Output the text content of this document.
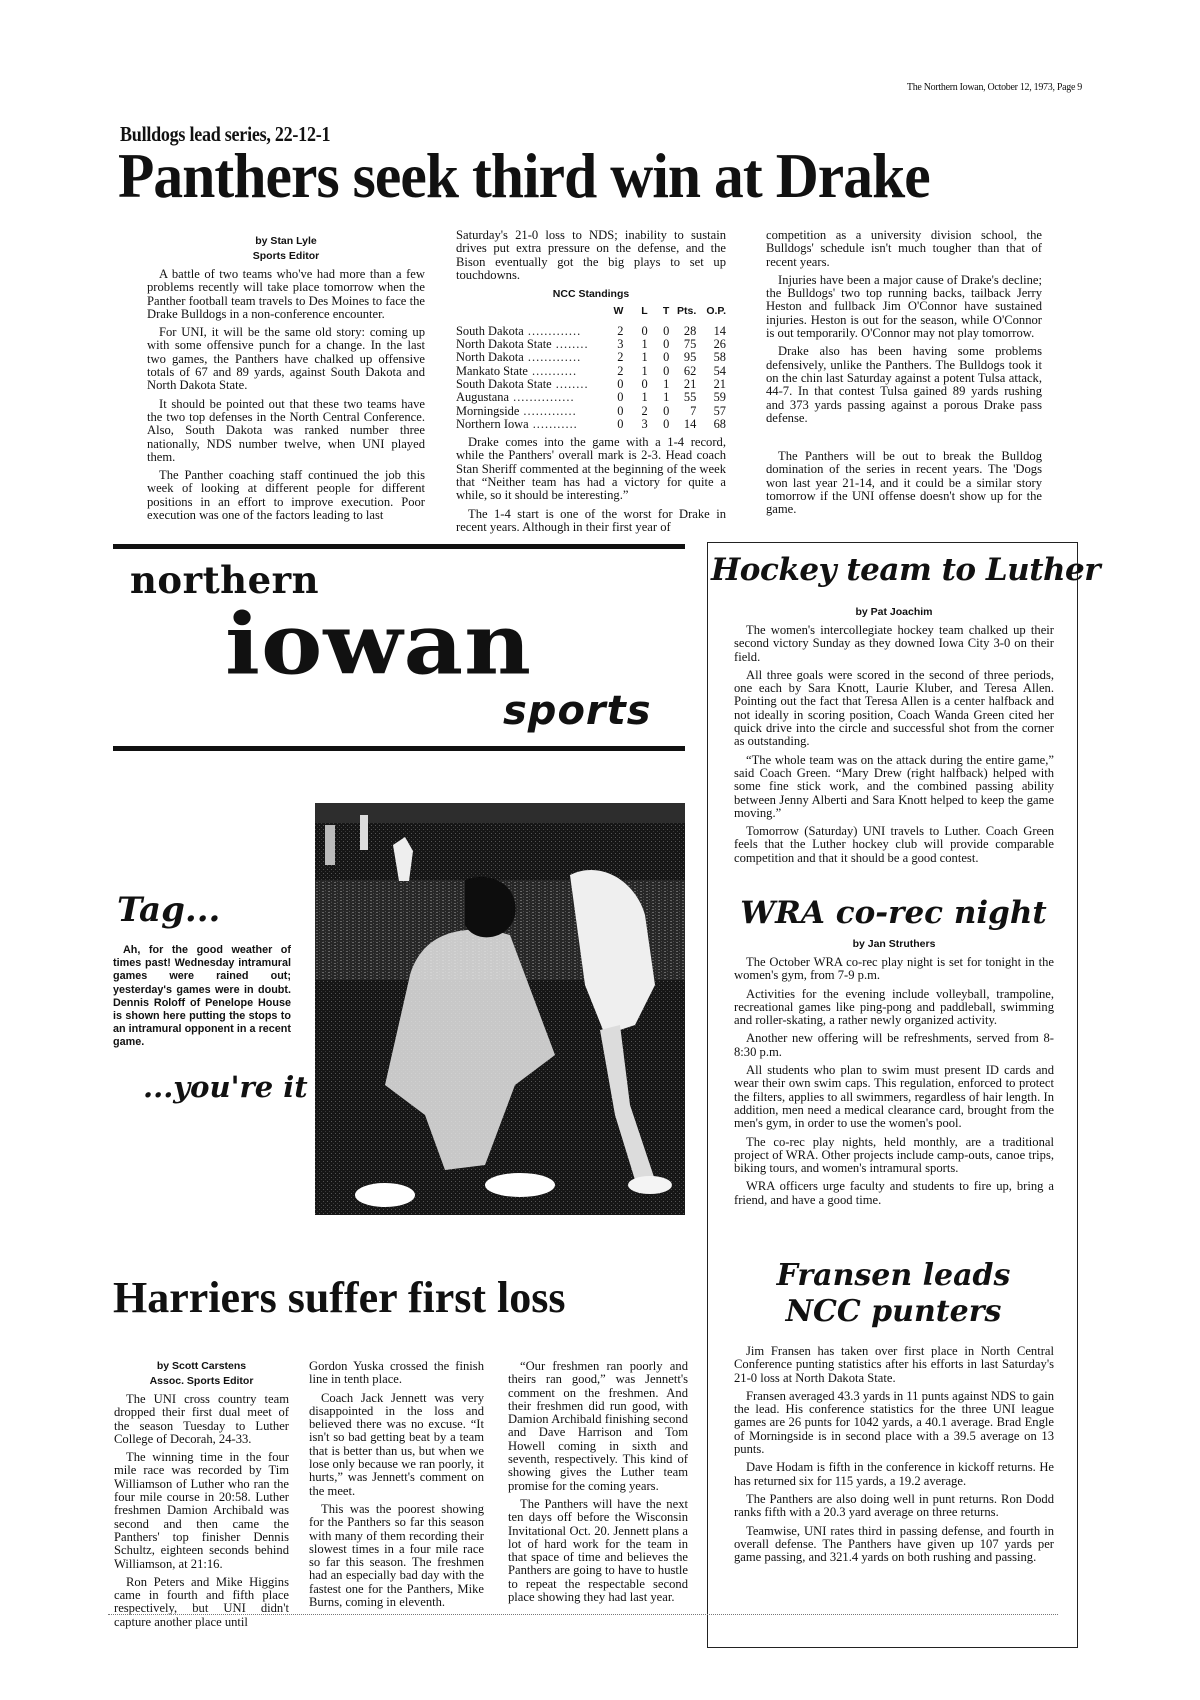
The Northern Iowan, October 12, 1973, Page 9
Bulldogs lead series, 22-12-1
Panthers seek third win at Drake

by Stan Lyle

Sports Editor

A battle of two teams who've had more than a few problems recently will take place tomorrow when the Panther football team travels to Des Moines to face the Drake Bulldogs in a non-conference encounter.

For UNI, it will be the same old story: coming up with some offensive punch for a change. In the last two games, the Panthers have chalked up offensive totals of 67 and 89 yards, against South Dakota and North Dakota State.

It should be pointed out that these two teams have the two top defenses in the North Central Conference. Also, South Dakota was ranked number three nationally, NDS number twelve, when UNI played them.

The Panther coaching staff continued the job this week of looking at different people for different positions in an effort to improve execution. Poor execution was one of the factors leading to last

Saturday's 21-0 loss to NDS; inability to sustain drives put extra pressure on the defense, and the Bison eventually got the big plays to set up touchdowns.

NCC Standings
	W	L	T	Pts.	O.P.
South Dakota .............	2	0	0	28	14
North Dakota State ........	3	1	0	75	26
North Dakota .............	2	1	0	95	58
Mankato State ...........	2	1	0	62	54
South Dakota State ........	0	0	1	21	21
Augustana ...............	0	1	1	55	59
Morningside .............	0	2	0	7	57
Northern Iowa ...........	0	3	0	14	68

Drake comes into the game with a 1-4 record, while the Panthers' overall mark is 2-3. Head coach Stan Sheriff commented at the beginning of the week that “Neither team has had a victory for quite a while, so it should be interesting.”

The 1-4 start is one of the worst for Drake in recent years. Although in their first year of

competition as a university division school, the Bulldogs' schedule isn't much tougher than that of recent years.

Injuries have been a major cause of Drake's decline; the Bulldogs' two top running backs, tailback Jerry Heston and fullback Jim O'Connor have sustained injuries. Heston is out for the season, while O'Connor is out temporarily. O'Connor may not play tomorrow.

Drake also has been having some problems defensively, unlike the Panthers. The Bulldogs took it on the chin last Saturday against a potent Tulsa attack, 44-7. In that contest Tulsa gained 89 yards rushing and 373 yards passing against a porous Drake pass defense.

The Panthers will be out to break the Bulldog domination of the series in recent years. The 'Dogs won last year 21-14, and it could be a similar story tomorrow if the UNI offense doesn't show up for the game.

northern
iowan
sports
Tag...
Ah, for the good weather of times past! Wednesday intramural games were rained out; yesterday's games were in doubt. Dennis Roloff of Penelope House is shown here putting the stops to an intramural opponent in a recent game.
...you're it
Hockey team to Luther

by Pat Joachim

The women's intercollegiate hockey team chalked up their second victory Sunday as they downed Iowa City 3-0 on their field.

All three goals were scored in the second of three periods, one each by Sara Knott, Laurie Kluber, and Teresa Allen. Pointing out the fact that Teresa Allen is a center halfback and not ideally in scoring position, Coach Wanda Green cited her quick drive into the circle and successful shot from the corner as outstanding.

“The whole team was on the attack during the entire game,” said Coach Green. “Mary Drew (right halfback) helped with some fine stick work, and the combined passing ability between Jenny Alberti and Sara Knott helped to keep the game moving.”

Tomorrow (Saturday) UNI travels to Luther. Coach Green feels that the Luther hockey club will provide comparable competition and that it should be a good contest.

WRA co-rec night

by Jan Struthers

The October WRA co-rec play night is set for tonight in the women's gym, from 7-9 p.m.

Activities for the evening include volleyball, trampoline, recreational games like ping-pong and paddleball, swimming and roller-skating, a rather newly organized activity.

Another new offering will be refreshments, served from 8-8:30 p.m.

All students who plan to swim must present ID cards and wear their own swim caps. This regulation, enforced to protect the filters, applies to all swimmers, regardless of hair length. In addition, men need a medical clearance card, brought from the men's gym, in order to use the women's pool.

The co-rec play nights, held monthly, are a traditional project of WRA. Other projects include camp-outs, canoe trips, biking tours, and women's intramural sports.

WRA officers urge faculty and students to fire up, bring a friend, and have a good time.

Fransen leads
NCC punters

Jim Fransen has taken over first place in North Central Conference punting statistics after his efforts in last Saturday's 21-0 loss at North Dakota State.

Fransen averaged 43.3 yards in 11 punts against NDS to gain the lead. His conference statistics for the three UNI league games are 26 punts for 1042 yards, a 40.1 average. Brad Engle of Morningside is in second place with a 39.5 average on 13 punts.

Dave Hodam is fifth in the conference in kickoff returns. He has returned six for 115 yards, a 19.2 average.

The Panthers are also doing well in punt returns. Ron Dodd ranks fifth with a 20.3 yard average on three returns.

Teamwise, UNI rates third in passing defense, and fourth in overall defense. The Panthers have given up 107 yards per game passing, and 321.4 yards on both rushing and passing.

Harriers suffer first loss

by Scott Carstens

Assoc. Sports Editor

The UNI cross country team dropped their first dual meet of the season Tuesday to Luther College of Decorah, 24-33.

The winning time in the four mile race was recorded by Tim Williamson of Luther who ran the four mile course in 20:58. Luther freshmen Damion Archibald was second and then came the Panthers' top finisher Dennis Schultz, eighteen seconds behind Williamson, at 21:16.

Ron Peters and Mike Higgins came in fourth and fifth place respectively, but UNI didn't capture another place until

Gordon Yuska crossed the finish line in tenth place.

Coach Jack Jennett was very disappointed in the loss and believed there was no excuse. “It isn't so bad getting beat by a team that is better than us, but when we lose only because we ran poorly, it hurts,” was Jennett's comment on the meet.

This was the poorest showing for the Panthers so far this season with many of them recording their slowest times in a four mile race so far this season. The freshmen had an especially bad day with the fastest one for the Panthers, Mike Burns, coming in eleventh.

“Our freshmen ran poorly and theirs ran good,” was Jennett's comment on the freshmen. And their freshmen did run good, with Damion Archibald finishing second and Dave Harrison and Tom Howell coming in sixth and seventh, respectively. This kind of showing gives the Luther team promise for the coming years.

The Panthers will have the next ten days off before the Wisconsin Invitational Oct. 20. Jennett plans a lot of hard work for the team in that space of time and believes the Panthers are going to have to hustle to repeat the respectable second place showing they had last year.
